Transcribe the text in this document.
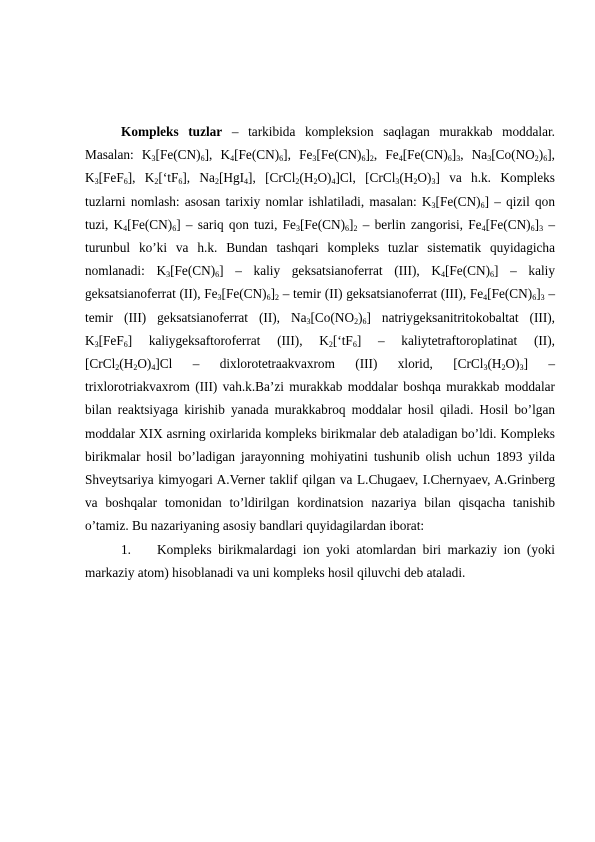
Kompleks tuzlar – tarkibida kompleksion saqlagan murakkab moddalar. Masalan: $K_3[Fe(CN)_6]$, $K_4[Fe(CN)_6]$, $Fe_3[Fe(CN)_6]_2$, $Fe_4[Fe(CN)_6]_3$, $Na_3[Co(NO_2)_6]$, $K_3[FeF_6]$, $K_2[‘tF_6]$, $Na_2[HgI_4]$, $[CrCl_2(H_2O)_4]Cl$, $[CrCl_3(H_2O)_3]$ va h.k. Kompleks tuzlarni nomlash: asosan tarixiy nomlar ishlatiladi, masalan: $K_3[Fe(CN)_6]$ – qizil qon tuzi, $K_4[Fe(CN)_6]$ – sariq qon tuzi, $Fe_3[Fe(CN)_6]_2$ – berlin zangorisi, $Fe_4[Fe(CN)_6]_3$ – turunbul ko’ki va h.k. Bundan tashqari kompleks tuzlar sistematik quyidagicha nomlanadi: $K_3[Fe(CN)_6]$ – kaliy geksatsianoferrat (III), $K_4[Fe(CN)_6]$ – kaliy geksatsianoferrat (II), $Fe_3[Fe(CN)_6]_2$ – temir (II) geksatsianoferrat (III), $Fe_4[Fe(CN)_6]_3$ – temir (III) geksatsianoferrat (II), $Na_3[Co(NO_2)_6]$ natriygeksanitritokobaltat (III), $K_3[FeF_6]$ kaliygeksaftoroferrat (III), $K_2[‘tF_6]$ – kaliytetraftoroplatinat (II), $[CrCl_2(H_2O)_4]Cl$ – dixlorotetraakvaxrom (III) xlorid, $[CrCl_3(H_2O)_3]$ – trixlorotriakvaxrom (III) vah.k.Ba’zi murakkab moddalar boshqa murakkab moddalar bilan reaktsiyaga kirishib yanada murakkabroq moddalar hosil qiladi. Hosil bo’lgan moddalar XIX asrning oxirlarida kompleks birikmalar deb ataladigan bo’ldi. Kompleks birikmalar hosil bo’ladigan jarayonning mohiyatini tushunib olish uchun 1893 yilda Shveytsariya kimyogari A.Verner taklif qilgan va L.Chugaev, I.Chernyaev, A.Grinberg va boshqalar tomonidan to’ldirilgan kordinatsion nazariya bilan qisqacha tanishib o’tamiz. Bu nazariyaning asosiy bandlari quyidagilardan iborat:

1. Kompleks birikmalardagi ion yoki atomlardan biri markaziy ion (yoki markaziy atom) hisoblanadi va uni kompleks hosil qiluvchi deb ataladi.
